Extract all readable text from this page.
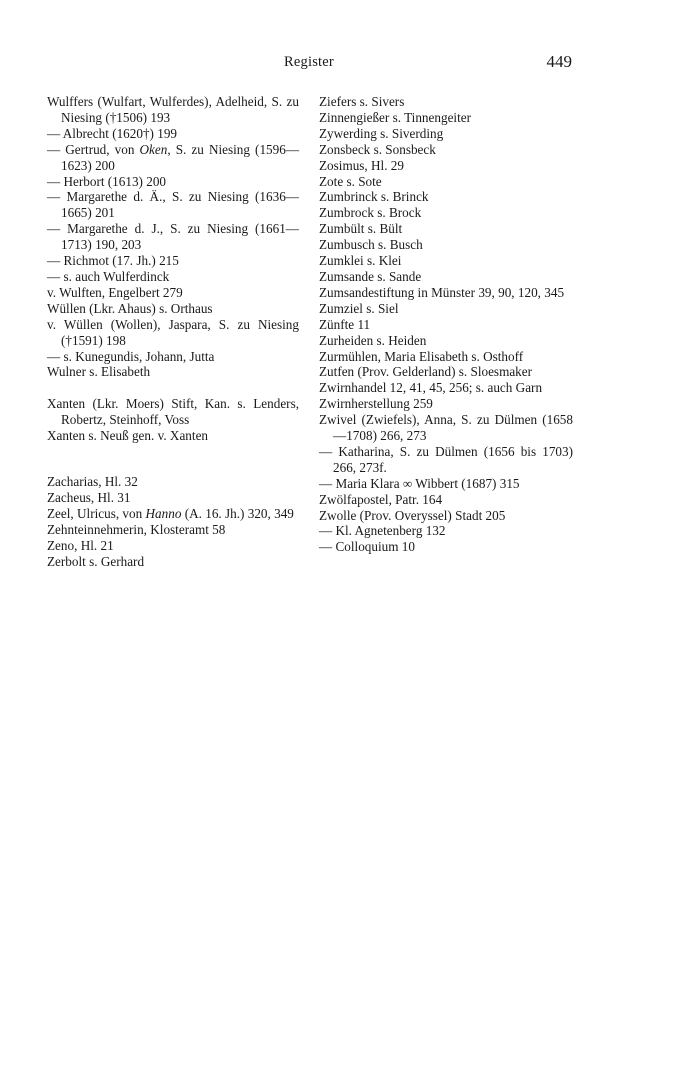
Register	449

Wulffers (Wulfart, Wulferdes), Adelheid, S. zu Niesing (†1506) 193

— Albrecht (1620†) 199

— Gertrud, von Oken, S. zu Niesing (1596—1623) 200

— Herbort (1613) 200

— Margarethe d. Ä., S. zu Niesing (1636—1665) 201

— Margarethe d. J., S. zu Niesing (1661—1713) 190, 203

— Richmot (17. Jh.) 215

— s. auch Wulferdinck

v. Wulften, Engelbert 279

Wüllen (Lkr. Ahaus) s. Orthaus

v. Wüllen (Wollen), Jaspara, S. zu Niesing (†1591) 198

— s. Kunegundis, Johann, Jutta

Wulner s. Elisabeth

Xanten (Lkr. Moers) Stift, Kan. s. Lenders, Robertz, Steinhoff, Voss

Xanten s. Neuß gen. v. Xanten

Zacharias, Hl. 32

Zacheus, Hl. 31

Zeel, Ulricus, von Hanno (A. 16. Jh.) 320, 349

Zehnteinnehmerin, Klosteramt 58

Zeno, Hl. 21

Zerbolt s. Gerhard

Ziefers s. Sivers

Zinnengießer s. Tinnengeiter

Zywerding s. Siverding

Zonsbeck s. Sonsbeck

Zosimus, Hl. 29

Zote s. Sote

Zumbrinck s. Brinck

Zumbrock s. Brock

Zumbült s. Bült

Zumbusch s. Busch

Zumklei s. Klei

Zumsande s. Sande

Zumsandestiftung in Münster 39, 90, 120, 345

Zumziel s. Siel

Zünfte 11

Zurheiden s. Heiden

Zurmühlen, Maria Elisabeth s. Osthoff

Zutfen (Prov. Gelderland) s. Sloesmaker

Zwirnhandel 12, 41, 45, 256; s. auch Garn

Zwirnherstellung 259

Zwivel (Zwiefels), Anna, S. zu Dülmen (1658—1708) 266, 273

— Katharina, S. zu Dülmen (1656 bis 1703) 266, 273f.

— Maria Klara ∞ Wibbert (1687) 315

Zwölfapostel, Patr. 164

Zwolle (Prov. Overyssel) Stadt 205

— Kl. Agnetenberg 132

— Colloquium 10
